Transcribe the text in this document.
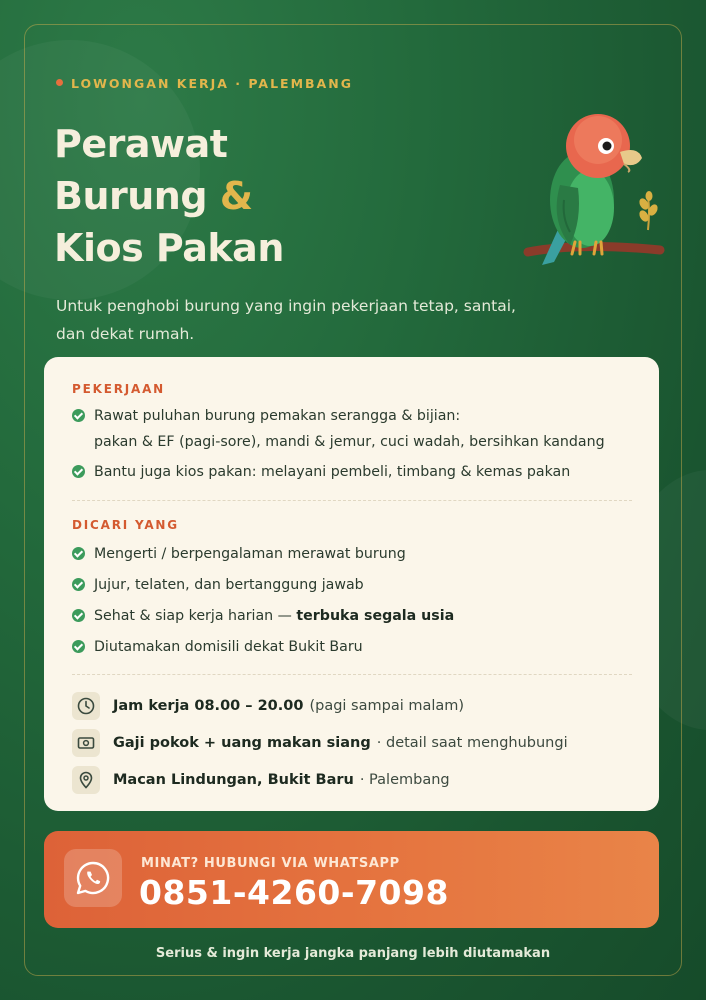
LOWONGAN KERJA · PALEMBANG
Perawat
Burung &
Kios Pakan
Untuk penghobi burung yang ingin pekerjaan tetap, santai, dan dekat rumah.
PEKERJAAN
Rawat puluhan burung pemakan serangga & bijian:
pakan & EF (pagi-sore), mandi & jemur, cuci wadah, bersihkan kandang
Bantu juga kios pakan: melayani pembeli, timbang & kemas pakan
DICARI YANG
Mengerti / berpengalaman merawat burung
Jujur, telaten, dan bertanggung jawab
Sehat & siap kerja harian — terbuka segala usia
Diutamakan domisili dekat Bukit Baru
Jam kerja 08.00 – 20.00 (pagi sampai malam)
Gaji pokok + uang makan siang · detail saat menghubungi
Macan Lindungan, Bukit Baru · Palembang
MINAT? HUBUNGI VIA WHATSAPP
0851-4260-7098
Serius & ingin kerja jangka panjang lebih diutamakan
